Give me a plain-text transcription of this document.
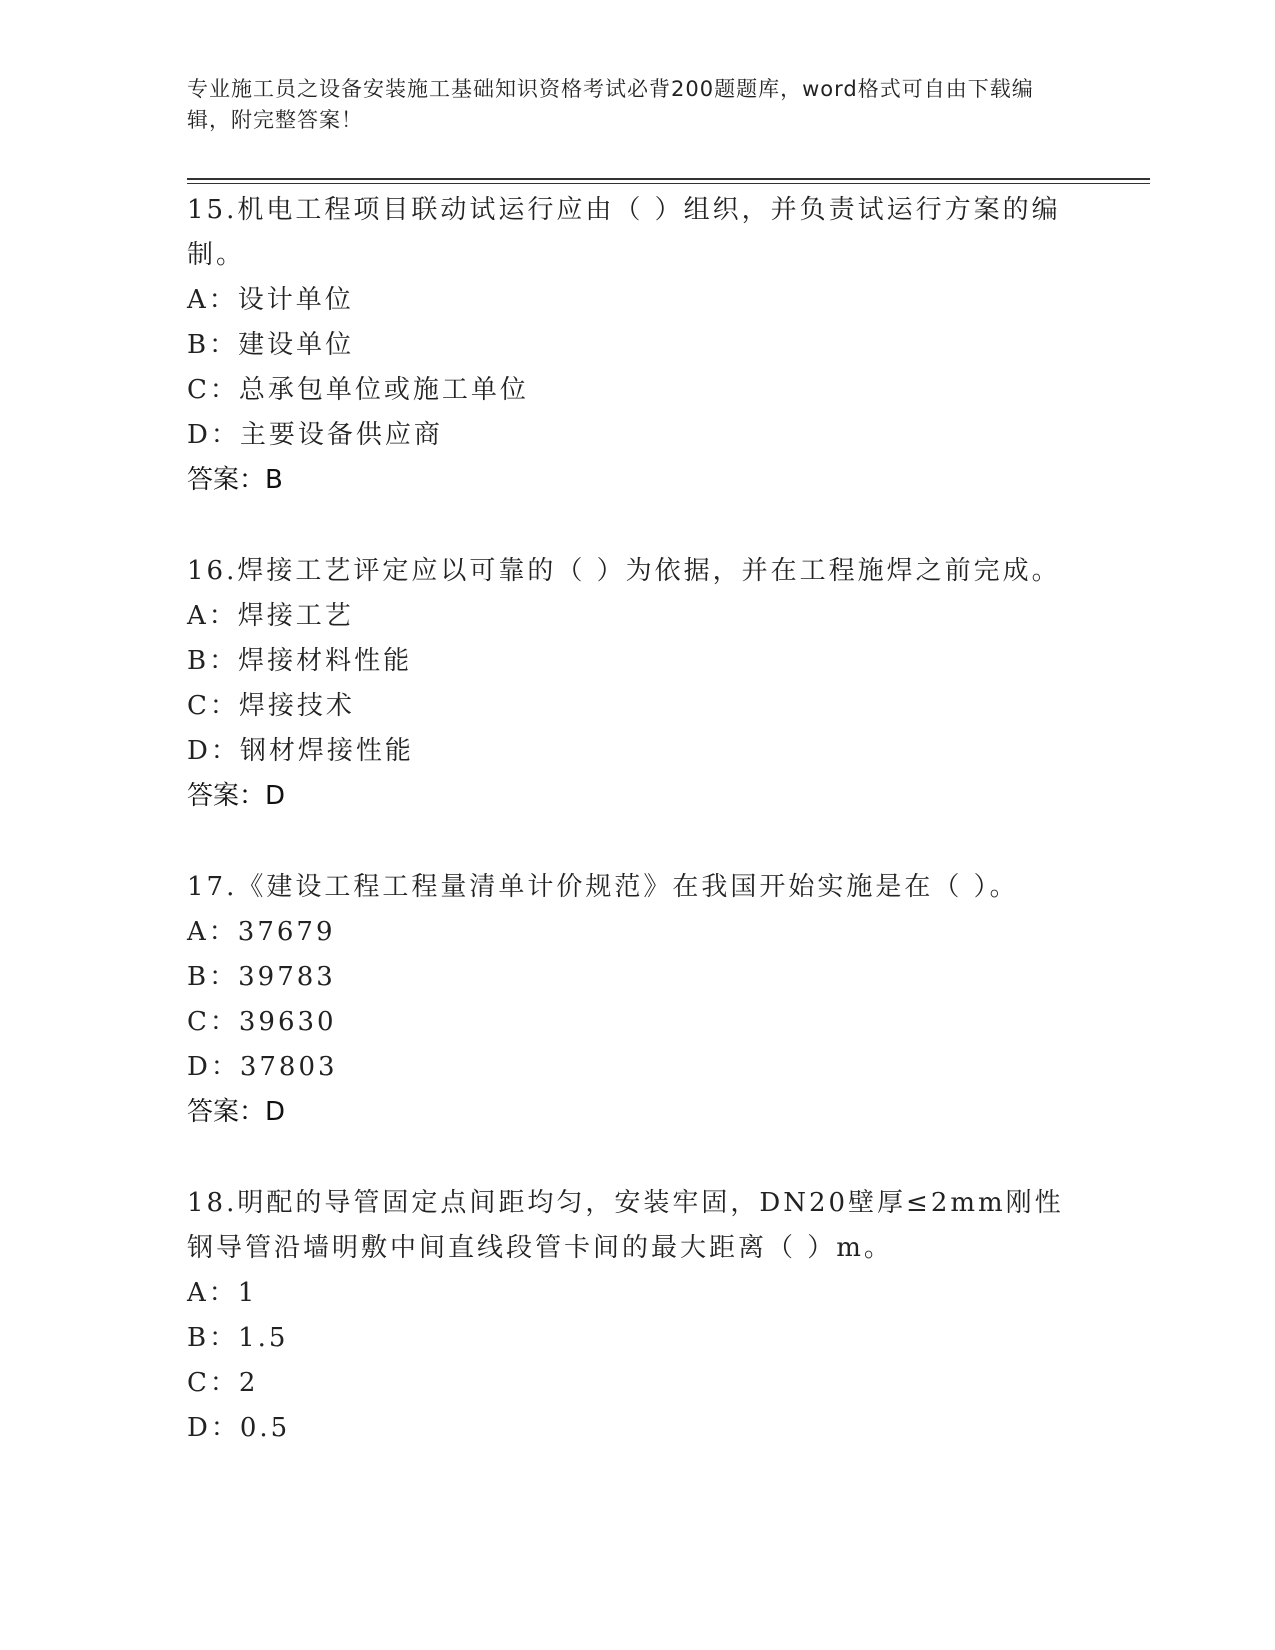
专业施工员之设备安装施工基础知识资格考试必背200题题库，word格式可自由下载编辑，附完整答案！
15.机电工程项目联动试运行应由（ ）组织，并负责试运行方案的编制。
A：设计单位
B：建设单位
C：总承包单位或施工单位
D：主要设备供应商
答案：B
16.焊接工艺评定应以可靠的（ ）为依据，并在工程施焊之前完成。
A：焊接工艺
B：焊接材料性能
C：焊接技术
D：钢材焊接性能
答案：D
17.《建设工程工程量清单计价规范》在我国开始实施是在（ ）。
A：37679
B：39783
C：39630
D：37803
答案：D
18.明配的导管固定点间距均匀，安装牢固，DN20壁厚≤2mm刚性钢导管沿墙明敷中间直线段管卡间的最大距离（ ）m。
A：1
B：1.5
C：2
D：0.5
